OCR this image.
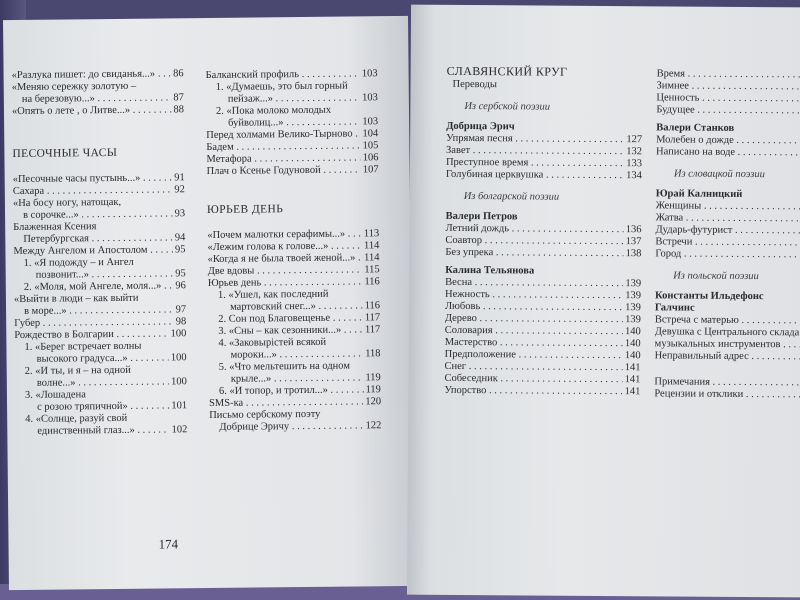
«Разлука пишет: до свиданья...» . . .	86
«Меняю сережку золотую –
на березовую...» . . .	87
«Опять о лете , о Литве...» . . .	88
ПЕСОЧНЫЕ ЧАСЫ
«Песочные часы пустынь...» . . .	91
Сахара . . .	92
«На босу ногу, натощак,
в сорочке...» . . .	93
Блаженная Ксения
Петербургская . . .	94
Между Ангелом и Апостолом . . .	95
1. «Я подожду – и Ангел
позвонит...» . . .	95
2. «Моля, мой Ангеле, моля...» . . .	96
«Выйти в люди – как выйти
в море...» . . .	97
Губер . . .	98
Рождество в Болгарии . . .	100
1. «Берег встречает волны
высокого градуса...» . . .	100
2. «И ты, и я – на одной
волне...» . . .	100
3. «Лошадена
с розою тряпичной» . . .	101
4. «Солнце, разуй свой
единственный глаз...» . . .	102
Балканский профиль . . .	103
1. «Думаешь, это был горный
пейзаж...» . . .	103
2. «Пока молоко молодых
буйволиц...» . . .	103
Перед холмами Велико-Тырново . . . 104
Бадем . . .	105
Метафора . . .	106
Плач о Ксенье Годуновой . . .	107
ЮРЬЕВ ДЕНЬ
«Почем малютки серафимы...» . . .	113
«Лежим голова к голове...» . . .	114
«Когда я не была твоей женой...» . . . 114
Две вдовы . . .	115
Юрьев день . . .	116
1. «Ушел, как последний
мартовский снег...» . . .	116
2. Сон под Благовещенье . . .	117
3. «Сны – как сезонники...» . . .	117
4. «Заковырістей всякой
мороки...» . . .	118
5. «Что мельтешить на одном
крыле...» . . .	119
6. «И топор, и тротил...» . . .	119
SMS-ка . . .	120
Письмо сербскому поэту
Добрице Эричу . . .	122
174
СЛАВЯНСКИЙ КРУГ
Переводы
Из сербской поэзии
Добрица Эрич
Упрямая песня . . .	127
Завет . . .	132
Преступное время . . .	133
Голубиная церквушка . . .	134
Из болгарской поэзии
Валери Петров
Летний дождь . . .	136
Соавтор . . .	137
Без упрека . . .	138
Калина Тельянова
Весна . . .	139
Нежность . . .	139
Любовь . . .	139
Дерево . . .	139
Соловария . . .	140
Мастерство . . .	140
Предположение . . .	140
Снег . . .	141
Собеседник . . .	141
Упорство . . .	141
Время . . .
Зимнее . . .
Ценность . . .
Будущее . . .
Валери Станков
Молебен о дожде . . .
Написано на воде . . .
Из словацкой поэзии
Юрай Калницкий
Женщины . . .
Жатва . . .
Дударь-футурист . . .
Встречи . . .
Город . . .
Из польской поэзии
Константы Ильдефонс Галчинс
Встреча с матерью . . .
Девушка с Центрального склада . . .
музыкальных инструментов . . .
Неправильный адрес . . .
Примечания . . .
Рецензии и отклики . . .
